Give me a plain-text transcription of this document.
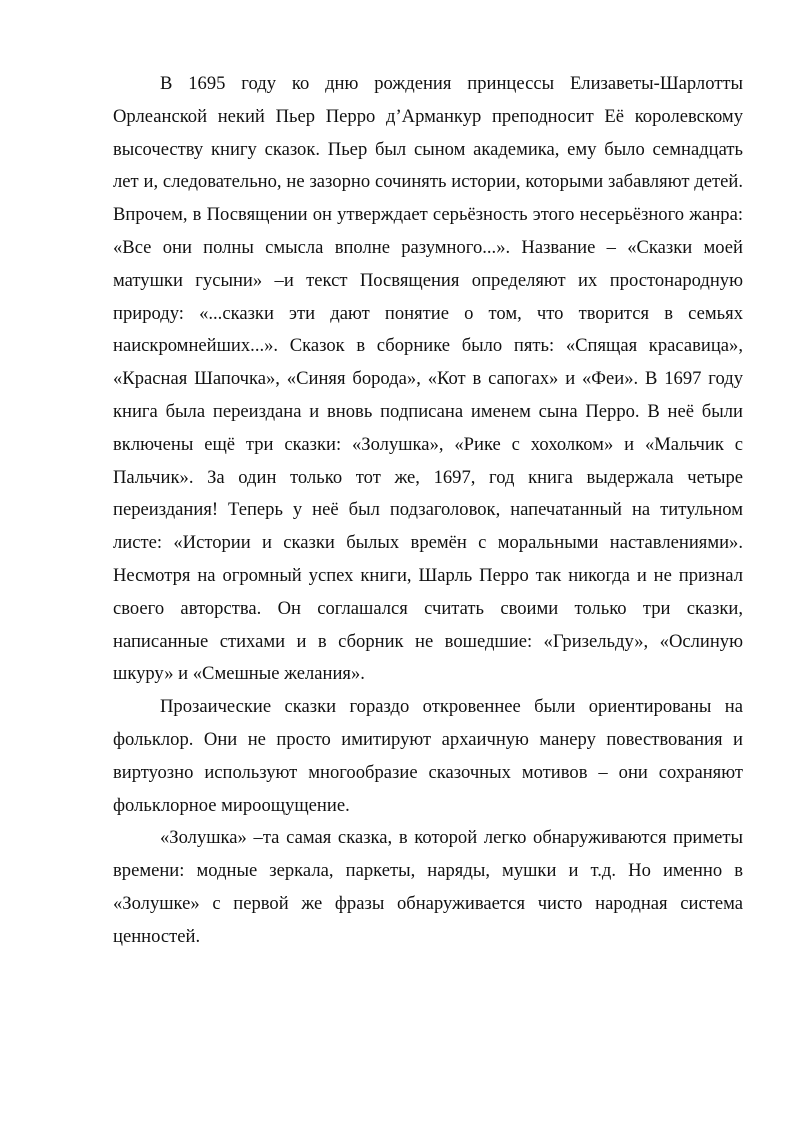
В 1695 году ко дню рождения принцессы Елизаветы-Шарлотты Орлеанской некий Пьер Перро д’Арманкур преподносит Её королевскому высочеству книгу сказок. Пьер был сыном академика, ему было семнадцать лет и, следовательно, не зазорно сочинять истории, которыми забавляют детей. Впрочем, в Посвящении он утверждает серьёзность этого несерьёзного жанра: «Все они полны смысла вполне разумного...». Название – «Сказки моей матушки гусыни» –и текст Посвящения определяют их простонародную природу: «...сказки эти дают понятие о том, что творится в семьях наискромнейших...». Сказок в сборнике было пять: «Спящая красавица», «Красная Шапочка», «Синяя борода», «Кот в сапогах» и «Феи». В 1697 году книга была переиздана и вновь подписана именем сына Перро. В неё были включены ещё три сказки: «Золушка», «Рике с хохолком» и «Мальчик с Пальчик». За один только тот же, 1697, год книга выдержала четыре переиздания! Теперь у неё был подзаголовок, напечатанный на титульном листе: «Истории и сказки былых времён с моральными наставлениями». Несмотря на огромный успех книги, Шарль Перро так никогда и не признал своего авторства. Он соглашался считать своими только три сказки, написанные стихами и в сборник не вошедшие: «Гризельду», «Ослиную шкуру» и «Смешные желания».

Прозаические сказки гораздо откровеннее были ориентированы на фольклор. Они не просто имитируют архаичную манеру повествования и виртуозно используют многообразие сказочных мотивов – они сохраняют фольклорное мироощущение.

«Золушка» –та самая сказка, в которой легко обнаруживаются приметы времени: модные зеркала, паркеты, наряды, мушки и т.д. Но именно в «Золушке» с первой же фразы обнаруживается чисто народная система ценностей.
